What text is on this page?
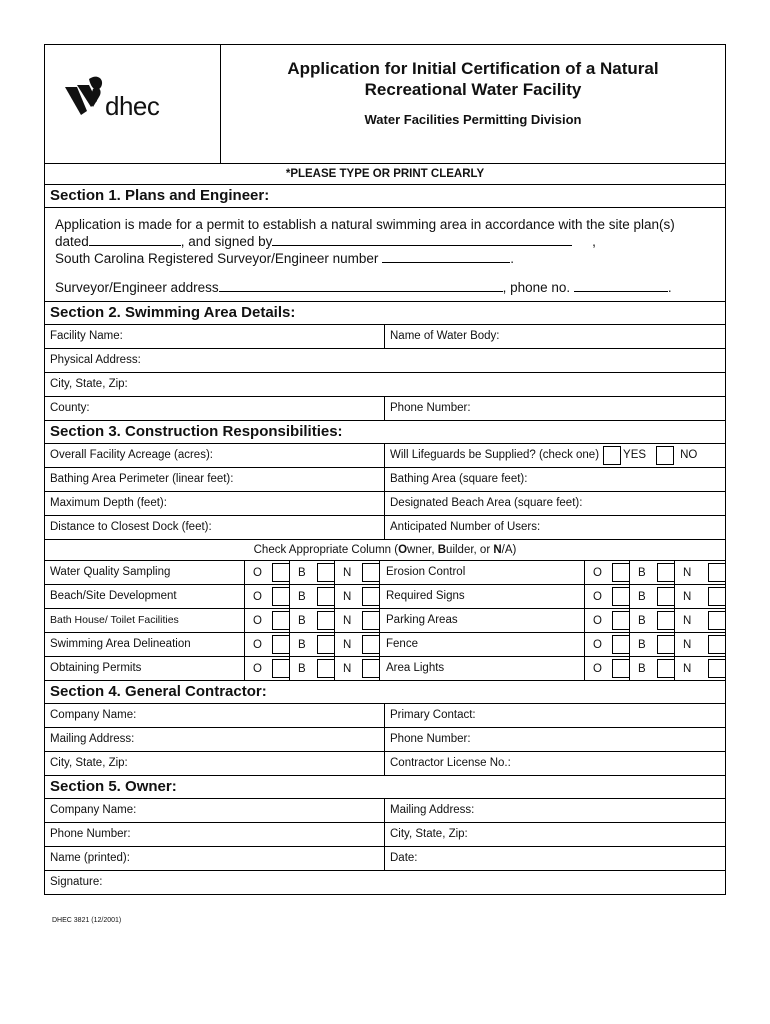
dhec
Application for Initial Certification of a Natural
Recreational Water Facility
Water Facilities Permitting Division
*PLEASE TYPE OR PRINT CLEARLY
Section 1. Plans and Engineer:
Application is made for a permit to establish a natural swimming area in accordance with the site plan(s)
dated	, and signed by	,
South Carolina Registered Surveyor/Engineer number	.
Surveyor/Engineer address	, phone no.	.
Section 2. Swimming Area Details:
Facility Name:	Name of Water Body:
Physical Address:
City, State, Zip:
County:	Phone Number:
Section 3. Construction Responsibilities:
Overall Facility Acreage (acres):	Will Lifeguards be Supplied? (check one) YES	NO
Bathing Area Perimeter (linear feet):	Bathing Area (square feet):
Maximum Depth (feet):	Designated Beach Area (square feet):
Distance to Closest Dock (feet):	Anticipated Number of Users:
Check Appropriate Column (Owner, Builder, or N/A)
Water Quality Sampling	O	B	N	Erosion Control	O	B	N
Beach/Site Development	O	B	N	Required Signs	O	B	N
Bath House/ Toilet Facilities	O	B	N	Parking Areas	O	B	N
Swimming Area Delineation	O	B	N	Fence	O	B	N
Obtaining Permits	O	B	N	Area Lights	O	B	N
Section 4. General Contractor:
Company Name:	Primary Contact:
Mailing Address:	Phone Number:
City, State, Zip:	Contractor License No.:
Section 5. Owner:
Company Name:	Mailing Address:
Phone Number:	City, State, Zip:
Name (printed):	Date:
Signature:
DHEC 3821 (12/2001)
